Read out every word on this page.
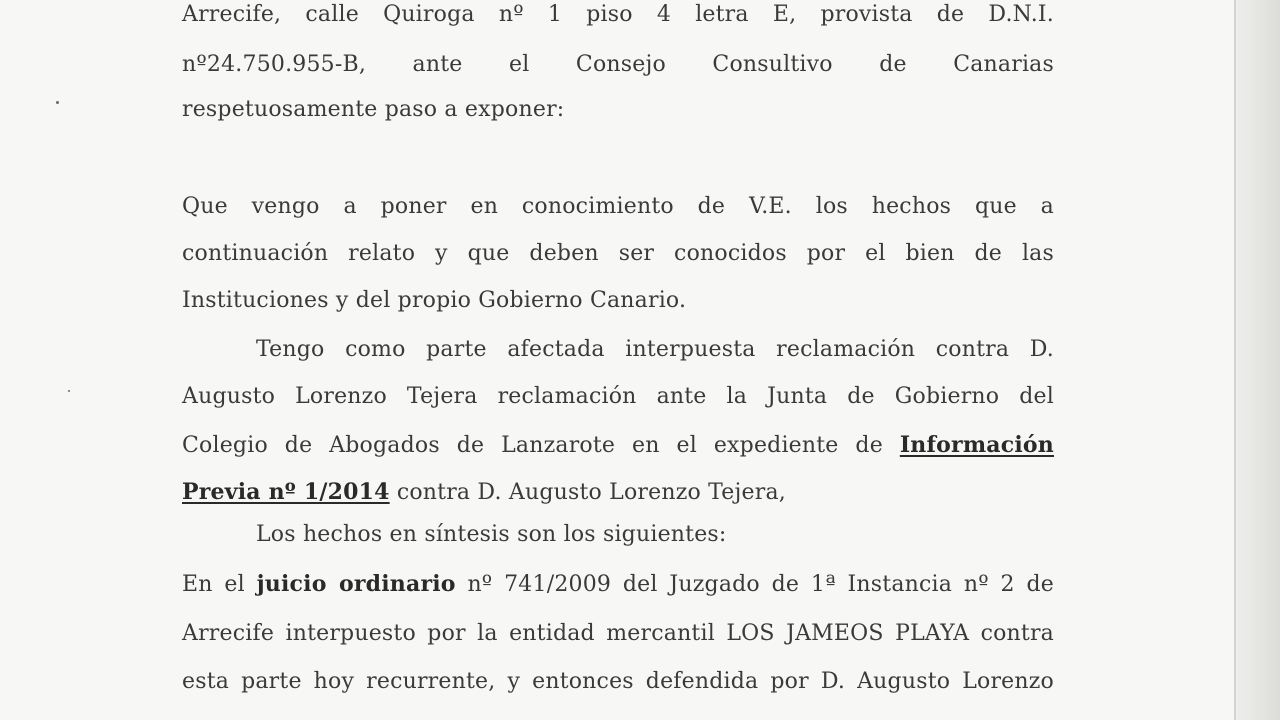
Arrecife, calle Quiroga nº 1 piso 4 letra E, provista de D.N.I.
nº24.750.955-B, ante el Consejo Consultivo de Canarias
respetuosamente paso a exponer:
Que vengo a poner en conocimiento de V.E. los hechos que a
continuación relato y que deben ser conocidos por el bien de las
Instituciones y del propio Gobierno Canario.
Tengo como parte afectada interpuesta reclamación contra D.
Augusto Lorenzo Tejera reclamación ante la Junta de Gobierno del
Colegio de Abogados de Lanzarote en el expediente de Información
Previa nº 1/2014 contra D. Augusto Lorenzo Tejera,
Los hechos en síntesis son los siguientes:
En el juicio ordinario nº 741/2009 del Juzgado de 1ª Instancia nº 2 de
Arrecife interpuesto por la entidad mercantil LOS JAMEOS PLAYA contra
esta parte hoy recurrente, y entonces defendida por D. Augusto Lorenzo
